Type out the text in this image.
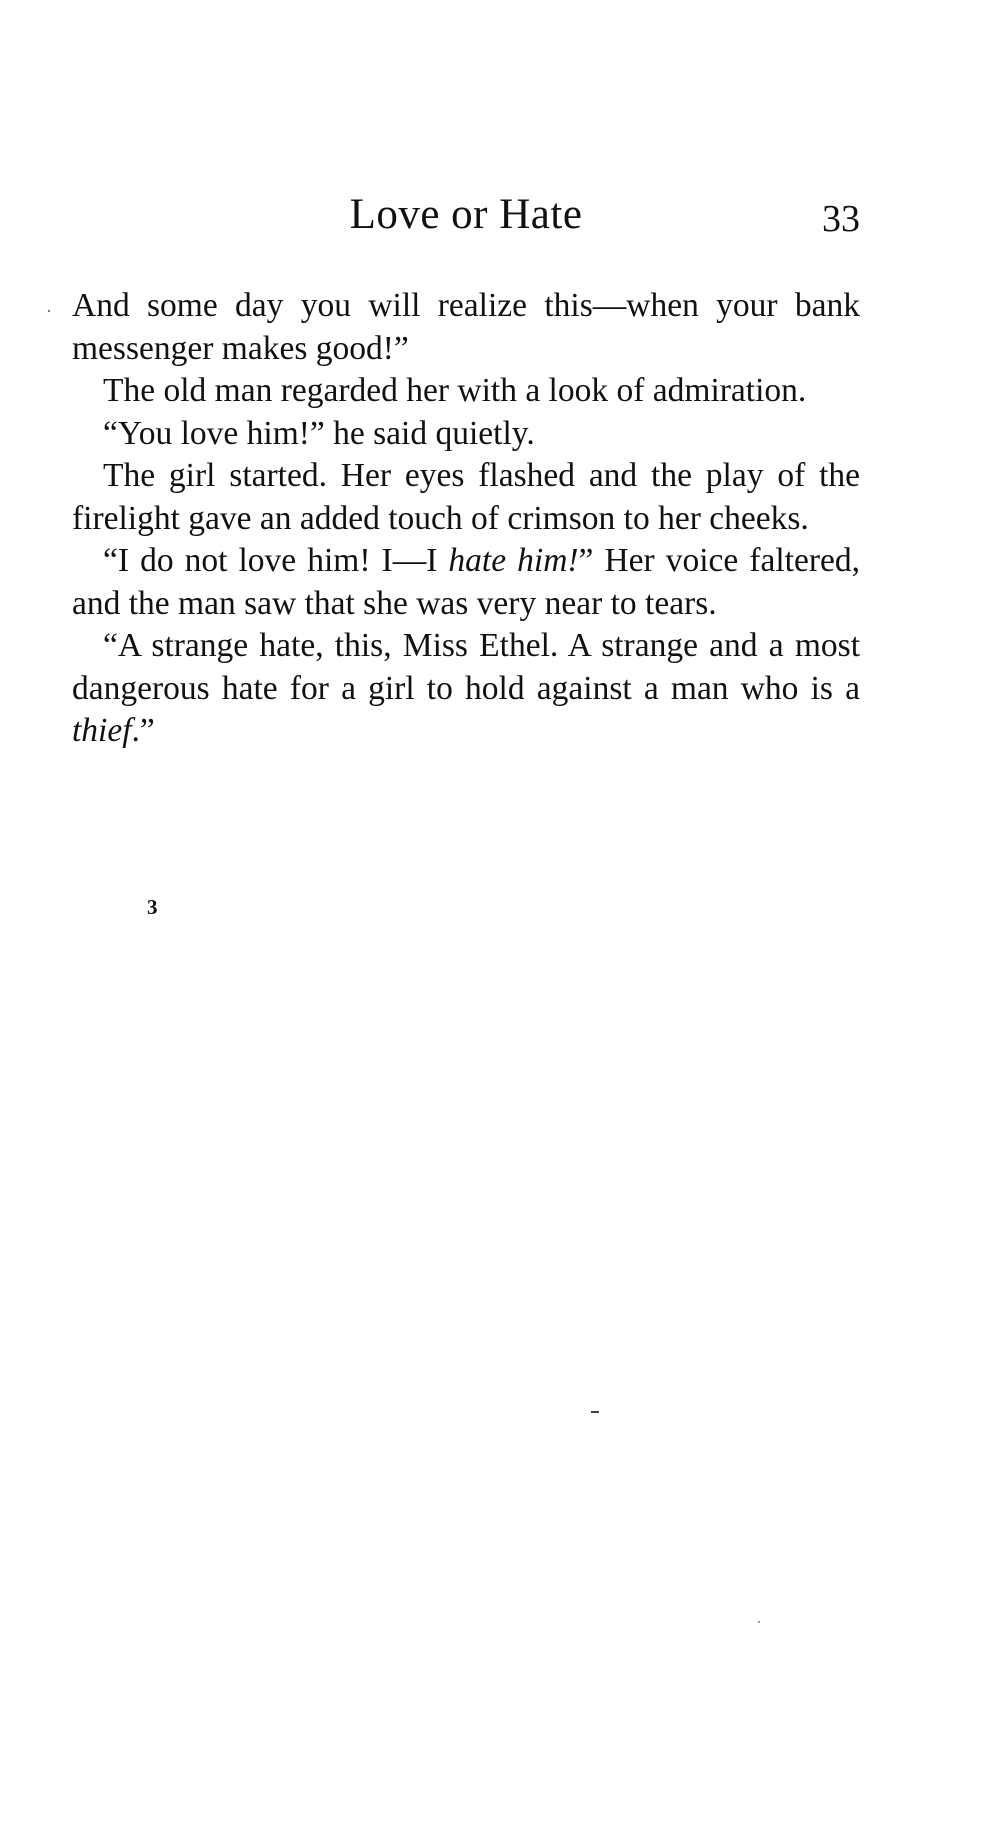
Love or Hate	33

And some day you will realize this—when your bank messenger makes good!”

The old man regarded her with a look of admiration.

“You love him!” he said quietly.

The girl started. Her eyes flashed and the play of the firelight gave an added touch of crimson to her cheeks.

“I do not love him! I—I hate him!” Her voice faltered, and the man saw that she was very near to tears.

“A strange hate, this, Miss Ethel. A strange and a most dangerous hate for a girl to hold against a man who is a thief.”

3
